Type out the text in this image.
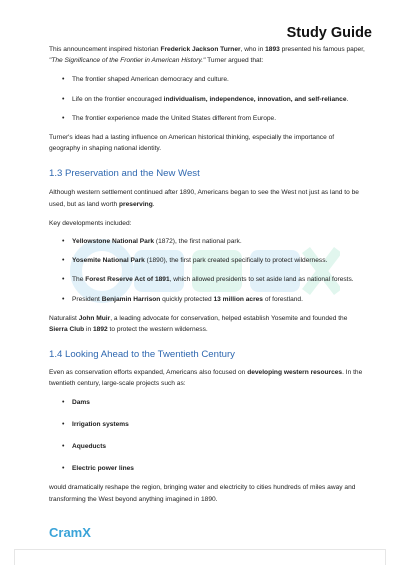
Study Guide

This announcement inspired historian Frederick Jackson Turner, who in 1893 presented his famous paper, "The Significance of the Frontier in American History." Turner argued that:

• The frontier shaped American democracy and culture.
• Life on the frontier encouraged individualism, independence, innovation, and self-reliance.
• The frontier experience made the United States different from Europe.

Turner's ideas had a lasting influence on American historical thinking, especially the importance of geography in shaping national identity.

1.3 Preservation and the New West

Although western settlement continued after 1890, Americans began to see the West not just as land to be used, but as land worth preserving.

Key developments included:

• Yellowstone National Park (1872), the first national park.
• Yosemite National Park (1890), the first park created specifically to protect wilderness.
• The Forest Reserve Act of 1891, which allowed presidents to set aside land as national forests.
• President Benjamin Harrison quickly protected 13 million acres of forestland.

Naturalist John Muir, a leading advocate for conservation, helped establish Yosemite and founded the Sierra Club in 1892 to protect the western wilderness.

1.4 Looking Ahead to the Twentieth Century

Even as conservation efforts expanded, Americans also focused on developing western resources. In the twentieth century, large-scale projects such as:

• Dams
• Irrigation systems
• Aqueducts
• Electric power lines

would dramatically reshape the region, bringing water and electricity to cities hundreds of miles away and transforming the West beyond anything imagined in 1890.

CramX
